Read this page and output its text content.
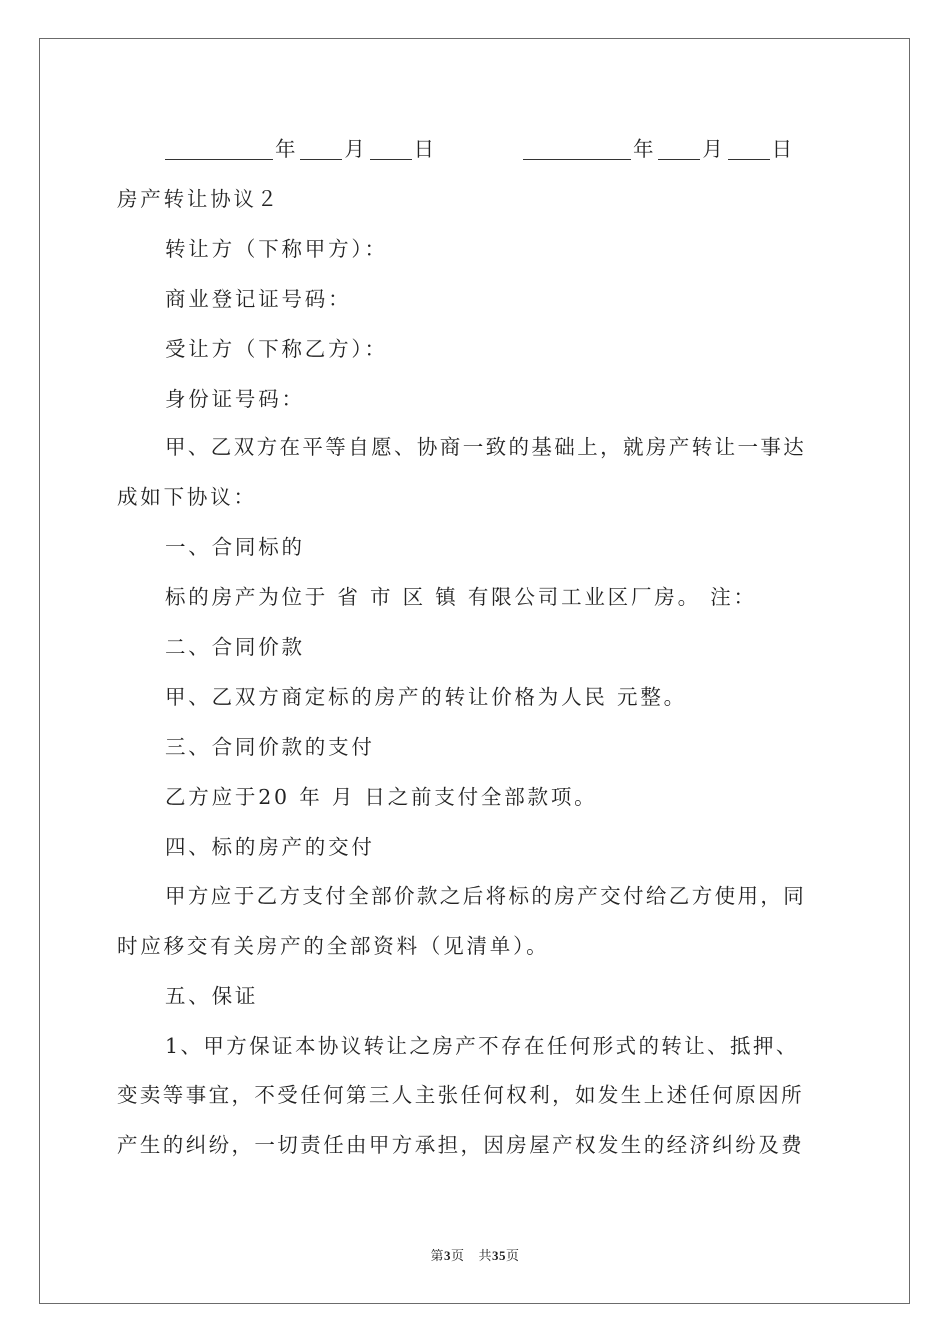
年 月 日	年 月 日
房产转让协议２
转让方（下称甲方）：
商业登记证号码：
受让方（下称乙方）：
身份证号码：
甲、乙双方在平等自愿、协商一致的基础上，就房产转让一事达
成如下协议：
一、合同标的
标的房产为位于 省 市 区 镇 有限公司工业区厂房。 注：
二、合同价款
甲、乙双方商定标的房产的转让价格为人民 元整。
三、合同价款的支付
乙方应于20 年 月 日之前支付全部款项。
四、标的房产的交付
甲方应于乙方支付全部价款之后将标的房产交付给乙方使用，同
时应移交有关房产的全部资料（见清单）。
五、保证
1、甲方保证本协议转让之房产不存在任何形式的转让、抵押、
变卖等事宜，不受任何第三人主张任何权利，如发生上述任何原因所
产生的纠纷，一切责任由甲方承担，因房屋产权发生的经济纠纷及费
第3页 共35页
